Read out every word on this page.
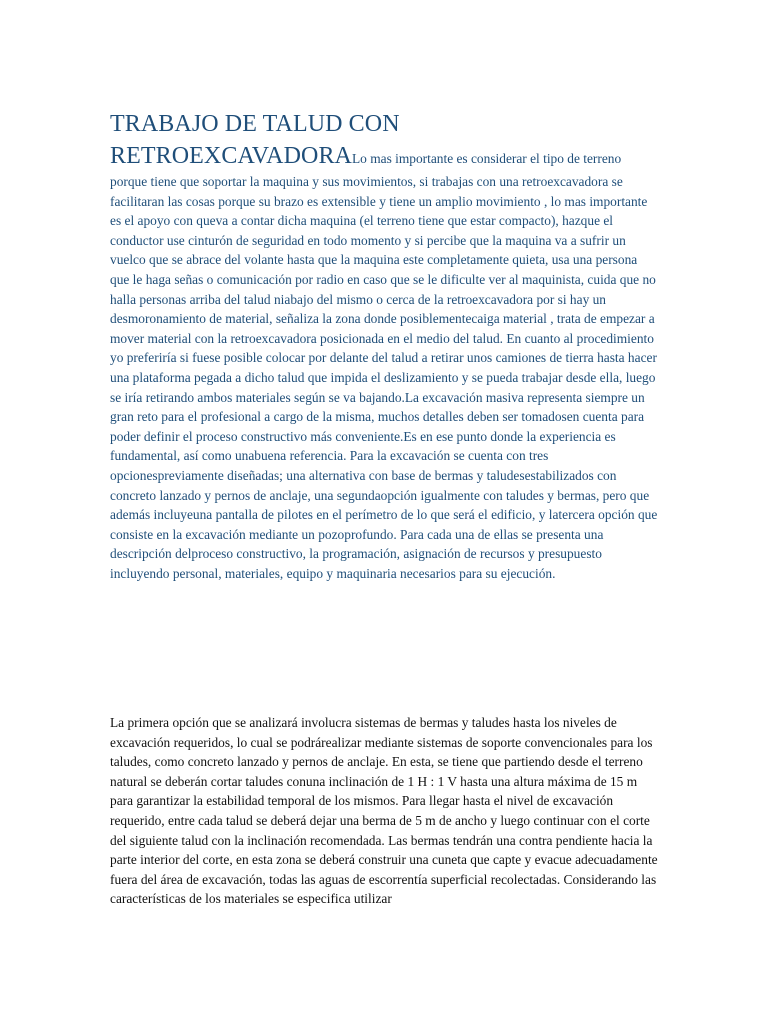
TRABAJO DE TALUD CON RETROEXCAVADORALo mas importante es considerar el tipo de terreno porque tiene que soportar la maquina y sus movimientos, si trabajas con una retroexcavadora se facilitaran las cosas porque su brazo es extensible y tiene un amplio movimiento , lo mas importante es el apoyo con queva a contar dicha maquina (el terreno tiene que estar compacto), hazque el conductor use cinturón de seguridad en todo momento y si percibe que la maquina va a sufrir un vuelco que se abrace del volante hasta que la maquina este completamente quieta, usa una persona que le haga señas o comunicación por radio en caso que se le dificulte ver al maquinista, cuida que no halla personas arriba del talud niabajo del mismo o cerca de la retroexcavadora por si hay un desmoronamiento de material, señaliza la zona donde posiblementecaiga material , trata de empezar a mover material con la retroexcavadora posicionada en el medio del talud. En cuanto al procedimiento yo preferiría si fuese posible colocar por delante del talud a retirar unos camiones de tierra hasta hacer una plataforma pegada a dicho talud que impida el deslizamiento y se pueda trabajar desde ella, luego se iría retirando ambos materiales según se va bajando.La excavación masiva representa siempre un gran reto para el profesional a cargo de la misma, muchos detalles deben ser tomadosen cuenta para poder definir el proceso constructivo más conveniente.Es en ese punto donde la experiencia es fundamental, así como unabuena referencia. Para la excavación se cuenta con tres opcionespreviamente diseñadas; una alternativa con base de bermas y taludesestabilizados con concreto lanzado y pernos de anclaje, una segundaopción igualmente con taludes y bermas, pero que además incluyeuna pantalla de pilotes en el perímetro de lo que será el edificio, y latercera opción que consiste en la excavación mediante un pozoprofundo. Para cada una de ellas se presenta una descripción delproceso constructivo, la programación, asignación de recursos y presupuesto incluyendo personal, materiales, equipo y maquinaria necesarios para su ejecución.
La primera opción que se analizará involucra sistemas de bermas y taludes hasta los niveles de excavación requeridos, lo cual se podrárealizar mediante sistemas de soporte convencionales para los taludes, como concreto lanzado y pernos de anclaje. En esta, se tiene que partiendo desde el terreno natural se deberán cortar taludes conuna inclinación de 1 H : 1 V hasta una altura máxima de 15 m para garantizar la estabilidad temporal de los mismos. Para llegar hasta el nivel de excavación requerido, entre cada talud se deberá dejar una berma de 5 m de ancho y luego continuar con el corte del siguiente talud con la inclinación recomendada. Las bermas tendrán una contra pendiente hacia la parte interior del corte, en esta zona se deberá construir una cuneta que capte y evacue adecuadamente fuera del área de excavación, todas las aguas de escorrentía superficial recolectadas. Considerando las características de los materiales se especifica utilizar
